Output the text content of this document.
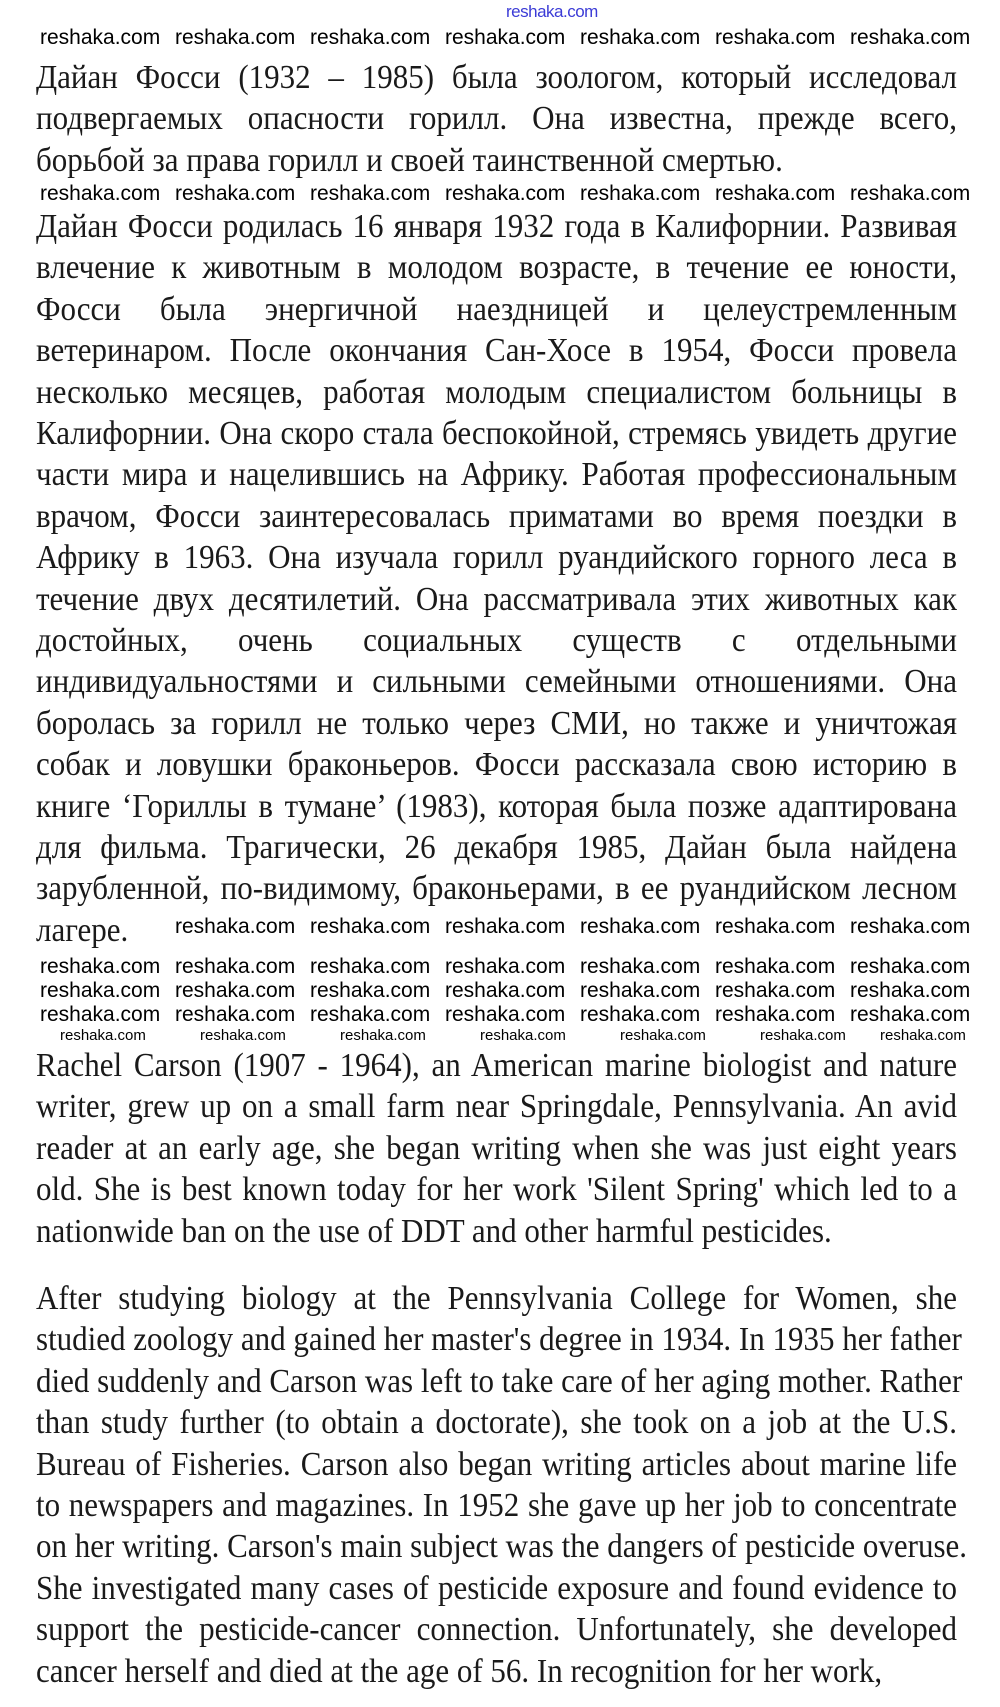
Дайан Фосси (1932 – 1985) была зоологом, который исследовал
подвергаемых опасности горилл. Она известна, прежде всего,
борьбой за права горилл и своей таинственной смертью.
Дайан Фосси родилась 16 января 1932 года в Калифорнии. Развивая
влечение к животным в молодом возрасте, в течение ее юности,
Фосси была энергичной наездницей и целеустремленным
ветеринаром. После окончания Сан-Хосе в 1954, Фосси провела
несколько месяцев, работая молодым специалистом больницы в
Калифорнии. Она скоро стала беспокойной, стремясь увидеть другие
части мира и нацелившись на Африку. Работая профессиональным
врачом, Фосси заинтересовалась приматами во время поездки в
Африку в 1963. Она изучала горилл руандийского горного леса в
течение двух десятилетий. Она рассматривала этих животных как
достойных, очень социальных существ с отдельными
индивидуальностями и сильными семейными отношениями. Она
боролась за горилл не только через СМИ, но также и уничтожая
собак и ловушки браконьеров. Фосси рассказала свою историю в
книге ‘Гориллы в тумане’ (1983), которая была позже адаптирована
для фильма. Трагически, 26 декабря 1985, Дайан была найдена
зарубленной, по-видимому, браконьерами, в ее руандийском лесном
лагере.
Rachel Carson (1907 - 1964), an American marine biologist and nature
writer, grew up on a small farm near Springdale, Pennsylvania. An avid
reader at an early age, she began writing when she was just eight years
old. She is best known today for her work 'Silent Spring' which led to a
nationwide ban on the use of DDT and other harmful pesticides.
After studying biology at the Pennsylvania College for Women, she
studied zoology and gained her master's degree in 1934. In 1935 her father
died suddenly and Carson was left to take care of her aging mother. Rather
than study further (to obtain a doctorate), she took on a job at the U.S.
Bureau of Fisheries. Carson also began writing articles about marine life
to newspapers and magazines. In 1952 she gave up her job to concentrate
on her writing. Carson's main subject was the dangers of pesticide overuse.
She investigated many cases of pesticide exposure and found evidence to
support the pesticide-cancer connection. Unfortunately, she developed
cancer herself and died at the age of 56. In recognition for her work,
reshaka.com
reshaka.com reshaka.com reshaka.com reshaka.com reshaka.com reshaka.com reshaka.com
reshaka.com reshaka.com reshaka.com reshaka.com reshaka.com reshaka.com reshaka.com
reshaka.com reshaka.com reshaka.com reshaka.com reshaka.com reshaka.com
reshaka.com reshaka.com reshaka.com reshaka.com reshaka.com reshaka.com reshaka.com
reshaka.com reshaka.com reshaka.com reshaka.com reshaka.com reshaka.com reshaka.com
reshaka.com reshaka.com reshaka.com reshaka.com reshaka.com reshaka.com reshaka.com
reshaka.com	reshaka.com	reshaka.com	reshaka.com	reshaka.com	reshaka.com reshaka.com
